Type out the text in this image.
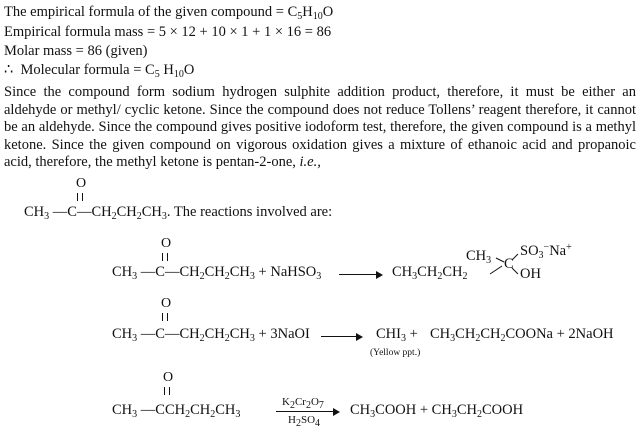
The empirical formula of the given compound = $C_5H_{10}O$
Empirical formula mass = 5 × 12 + 10 × 1 + 1 × 16 = 86
Molar mass = 86 (given)
∴ Molecular formula = $C_5$ $H_{10}O$
Since the compound form sodium hydrogen sulphite addition product, therefore, it must be either an aldehyde or methyl/ cyclic ketone. Since the compound does not reduce Tollens’ reagent therefore, it cannot be an aldehyde. Since the compound gives positive iodoform test, therefore, the given compound is a methyl ketone. Since the given compound on vigorous oxidation gives a mixture of ethanoic acid and propanoic acid, therefore, the methyl ketone is pentan-2-one, i.e.,
O
$CH_3$ $—C—CH_2CH_2CH_3$. The reactions involved are:
O
$CH_3$ $—C—CH_2CH_2CH_3$ + NaHSO$_3$ → $CH_3CH_2CH_2$
$CH_3$ C
$SO_3^-Na^+$
OH
O
$CH_3$ $—C—CH_2CH_2CH_3$ + 3NaOI → $CHI_3$ +
(Yellow ppt.)
$CH_3CH_2CH_2COONa$ + 2NaOH
O
$CH_3$ $—CCH_2CH_2CH_3$
$K_2Cr_2O_7$
$H_2SO_4$
$CH_3COOH$ + $CH_3CH_2COOH$
